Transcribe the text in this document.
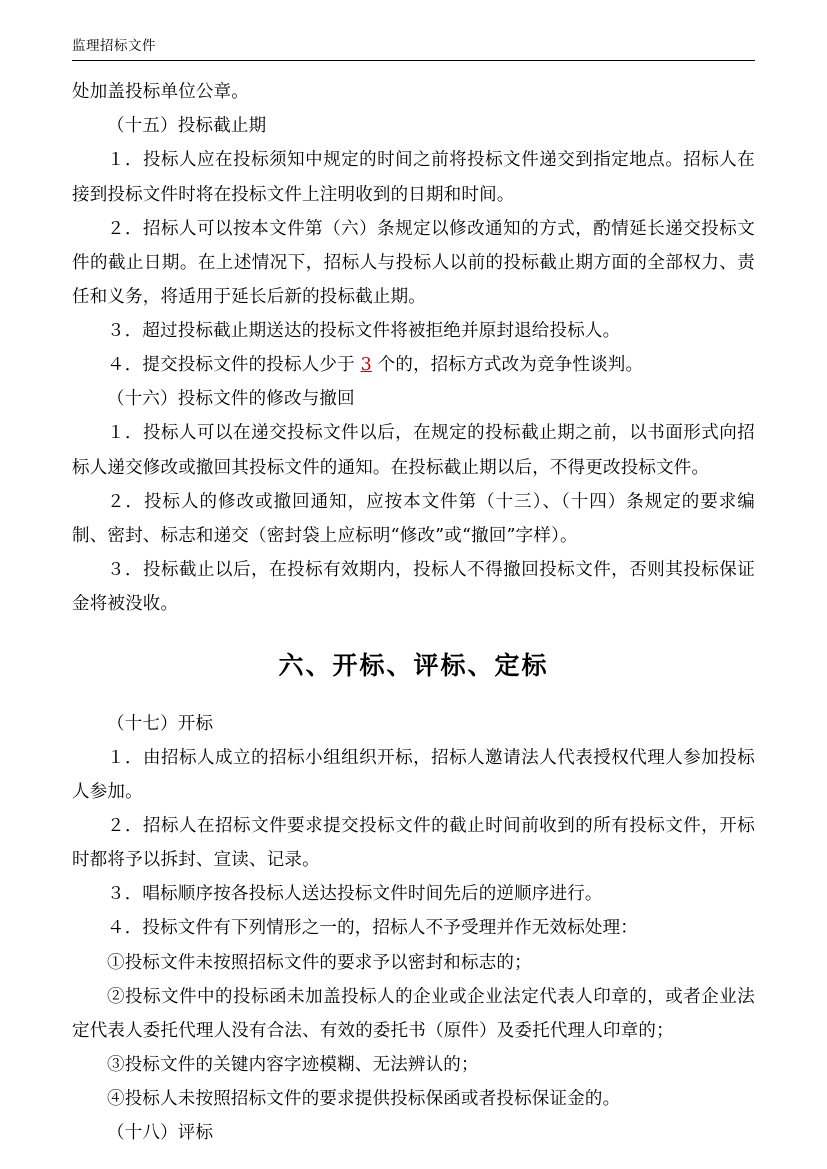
监理招标文件

处加盖投标单位公章。

（十五）投标截止期

１．投标人应在投标须知中规定的时间之前将投标文件递交到指定地点。招标人在接到投标文件时将在投标文件上注明收到的日期和时间。

２．招标人可以按本文件第（六）条规定以修改通知的方式，酌情延长递交投标文件的截止日期。在上述情况下，招标人与投标人以前的投标截止期方面的全部权力、责任和义务，将适用于延长后新的投标截止期。

３．超过投标截止期送达的投标文件将被拒绝并原封退给投标人。

４．提交投标文件的投标人少于 3 个的，招标方式改为竞争性谈判。

（十六）投标文件的修改与撤回

１．投标人可以在递交投标文件以后，在规定的投标截止期之前，以书面形式向招标人递交修改或撤回其投标文件的通知。在投标截止期以后，不得更改投标文件。

２．投标人的修改或撤回通知，应按本文件第（十三）、（十四）条规定的要求编制、密封、标志和递交（密封袋上应标明“修改”或“撤回”字样）。

３．投标截止以后，在投标有效期内，投标人不得撤回投标文件，否则其投标保证金将被没收。

六、开标、评标、定标

（十七）开标

１．由招标人成立的招标小组组织开标，招标人邀请法人代表授权代理人参加投标人参加。

２．招标人在招标文件要求提交投标文件的截止时间前收到的所有投标文件，开标时都将予以拆封、宣读、记录。

３．唱标顺序按各投标人送达投标文件时间先后的逆顺序进行。

４．投标文件有下列情形之一的，招标人不予受理并作无效标处理：

①投标文件未按照招标文件的要求予以密封和标志的；

②投标文件中的投标函未加盖投标人的企业或企业法定代表人印章的，或者企业法定代表人委托代理人没有合法、有效的委托书（原件）及委托代理人印章的；

③投标文件的关键内容字迹模糊、无法辨认的；

④投标人未按照招标文件的要求提供投标保函或者投标保证金的。

（十八）评标
